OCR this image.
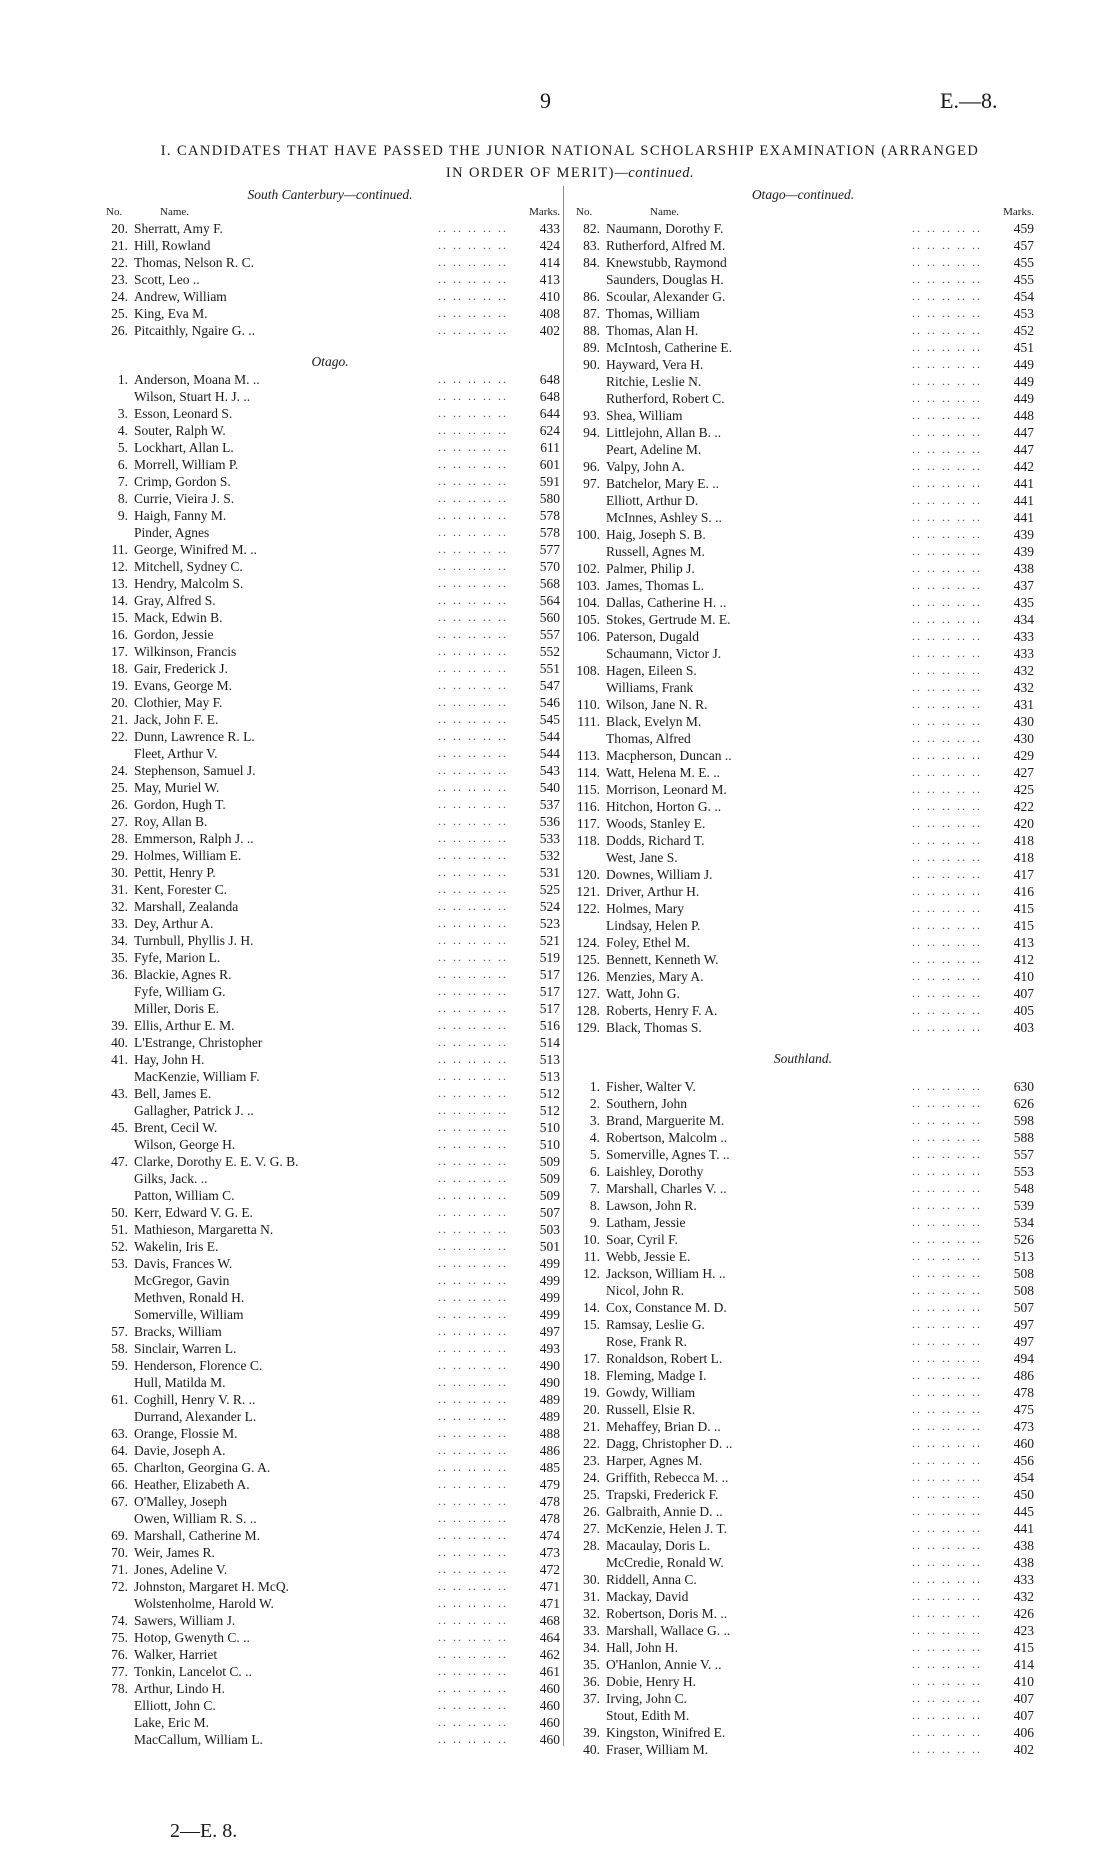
9	E.—8.
I. CANDIDATES THAT HAVE PASSED THE JUNIOR NATIONAL SCHOLARSHIP EXAMINATION (ARRANGED
IN ORDER OF MERIT)—continued.
South Canterbury—continued.
No.	Name.	Marks.
20. Sherratt, Amy F.	.. .. .. .. ..	433
21. Hill, Rowland	.. .. .. .. ..	424
22. Thomas, Nelson R. C.	.. .. .. .. ..	414
23. Scott, Leo ..	.. .. .. .. ..	413
24. Andrew, William	.. .. .. .. ..	410
25. King, Eva M.	.. .. .. .. ..	408
26. Pitcaithly, Ngaire G. ..	.. .. .. .. ..	402
Otago.
1. Anderson, Moana M. ..	.. .. .. .. ..	648
Wilson, Stuart H. J. ..	.. .. .. .. ..	648
3. Esson, Leonard S.	.. .. .. .. ..	644
4. Souter, Ralph W.	.. .. .. .. ..	624
5. Lockhart, Allan L.	.. .. .. .. ..	611
6. Morrell, William P.	.. .. .. .. ..	601
7. Crimp, Gordon S.	.. .. .. .. ..	591
8. Currie, Vieira J. S.	.. .. .. .. ..	580
9. Haigh, Fanny M.	.. .. .. .. ..	578
Pinder, Agnes	.. .. .. .. ..	578
11. George, Winifred M. ..	.. .. .. .. ..	577
12. Mitchell, Sydney C.	.. .. .. .. ..	570
13. Hendry, Malcolm S.	.. .. .. .. ..	568
14. Gray, Alfred S.	.. .. .. .. ..	564
15. Mack, Edwin B.	.. .. .. .. ..	560
16. Gordon, Jessie	.. .. .. .. ..	557
17. Wilkinson, Francis	.. .. .. .. ..	552
18. Gair, Frederick J.	.. .. .. .. ..	551
19. Evans, George M.	.. .. .. .. ..	547
20. Clothier, May F.	.. .. .. .. ..	546
21. Jack, John F. E.	.. .. .. .. ..	545
22. Dunn, Lawrence R. L.	.. .. .. .. ..	544
Fleet, Arthur V.	.. .. .. .. ..	544
24. Stephenson, Samuel J.	.. .. .. .. ..	543
25. May, Muriel W.	.. .. .. .. ..	540
26. Gordon, Hugh T.	.. .. .. .. ..	537
27. Roy, Allan B.	.. .. .. .. ..	536
28. Emmerson, Ralph J. ..	.. .. .. .. ..	533
29. Holmes, William E.	.. .. .. .. ..	532
30. Pettit, Henry P.	.. .. .. .. ..	531
31. Kent, Forester C.	.. .. .. .. ..	525
32. Marshall, Zealanda	.. .. .. .. ..	524
33. Dey, Arthur A.	.. .. .. .. ..	523
34. Turnbull, Phyllis J. H.	.. .. .. .. ..	521
35. Fyfe, Marion L.	.. .. .. .. ..	519
36. Blackie, Agnes R.	.. .. .. .. ..	517
Fyfe, William G.	.. .. .. .. ..	517
Miller, Doris E.	.. .. .. .. ..	517
39. Ellis, Arthur E. M.	.. .. .. .. ..	516
40. L'Estrange, Christopher	.. .. .. .. ..	514
41. Hay, John H.	.. .. .. .. ..	513
MacKenzie, William F.	.. .. .. .. ..	513
43. Bell, James E.	.. .. .. .. ..	512
Gallagher, Patrick J. ..	.. .. .. .. ..	512
45. Brent, Cecil W.	.. .. .. .. ..	510
Wilson, George H.	.. .. .. .. ..	510
47. Clarke, Dorothy E. E. V. G. B.	.. .. .. .. ..	509
Gilks, Jack. ..	.. .. .. .. ..	509
Patton, William C.	.. .. .. .. ..	509
50. Kerr, Edward V. G. E.	.. .. .. .. ..	507
51. Mathieson, Margaretta N.	.. .. .. .. ..	503
52. Wakelin, Iris E.	.. .. .. .. ..	501
53. Davis, Frances W.	.. .. .. .. ..	499
McGregor, Gavin	.. .. .. .. ..	499
Methven, Ronald H.	.. .. .. .. ..	499
Somerville, William	.. .. .. .. ..	499
57. Bracks, William	.. .. .. .. ..	497
58. Sinclair, Warren L.	.. .. .. .. ..	493
59. Henderson, Florence C.	.. .. .. .. ..	490
Hull, Matilda M.	.. .. .. .. ..	490
61. Coghill, Henry V. R. ..	.. .. .. .. ..	489
Durrand, Alexander L.	.. .. .. .. ..	489
63. Orange, Flossie M.	.. .. .. .. ..	488
64. Davie, Joseph A.	.. .. .. .. ..	486
65. Charlton, Georgina G. A.	.. .. .. .. ..	485
66. Heather, Elizabeth A.	.. .. .. .. ..	479
67. O'Malley, Joseph	.. .. .. .. ..	478
Owen, William R. S. ..	.. .. .. .. ..	478
69. Marshall, Catherine M.	.. .. .. .. ..	474
70. Weir, James R.	.. .. .. .. ..	473
71. Jones, Adeline V.	.. .. .. .. ..	472
72. Johnston, Margaret H. McQ.	.. .. .. .. ..	471
Wolstenholme, Harold W.	.. .. .. .. ..	471
74. Sawers, William J.	.. .. .. .. ..	468
75. Hotop, Gwenyth C. ..	.. .. .. .. ..	464
76. Walker, Harriet	.. .. .. .. ..	462
77. Tonkin, Lancelot C. ..	.. .. .. .. ..	461
78. Arthur, Lindo H.	.. .. .. .. ..	460
Elliott, John C.	.. .. .. .. ..	460
Lake, Eric M.	.. .. .. .. ..	460
MacCallum, William L.	.. .. .. .. ..	460
Otago—continued.
No.	Name.	Marks.
82. Naumann, Dorothy F.	.. .. .. .. ..	459
83. Rutherford, Alfred M.	.. .. .. .. ..	457
84. Knewstubb, Raymond	.. .. .. .. ..	455
Saunders, Douglas H.	.. .. .. .. ..	455
86. Scoular, Alexander G.	.. .. .. .. ..	454
87. Thomas, William	.. .. .. .. ..	453
88. Thomas, Alan H.	.. .. .. .. ..	452
89. McIntosh, Catherine E.	.. .. .. .. ..	451
90. Hayward, Vera H.	.. .. .. .. ..	449
Ritchie, Leslie N.	.. .. .. .. ..	449
Rutherford, Robert C.	.. .. .. .. ..	449
93. Shea, William	.. .. .. .. ..	448
94. Littlejohn, Allan B. ..	.. .. .. .. ..	447
Peart, Adeline M.	.. .. .. .. ..	447
96. Valpy, John A.	.. .. .. .. ..	442
97. Batchelor, Mary E. ..	.. .. .. .. ..	441
Elliott, Arthur D.	.. .. .. .. ..	441
McInnes, Ashley S. ..	.. .. .. .. ..	441
100. Haig, Joseph S. B.	.. .. .. .. ..	439
Russell, Agnes M.	.. .. .. .. ..	439
102. Palmer, Philip J.	.. .. .. .. ..	438
103. James, Thomas L.	.. .. .. .. ..	437
104. Dallas, Catherine H. ..	.. .. .. .. ..	435
105. Stokes, Gertrude M. E.	.. .. .. .. ..	434
106. Paterson, Dugald	.. .. .. .. ..	433
Schaumann, Victor J.	.. .. .. .. ..	433
108. Hagen, Eileen S.	.. .. .. .. ..	432
Williams, Frank	.. .. .. .. ..	432
110. Wilson, Jane N. R.	.. .. .. .. ..	431
111. Black, Evelyn M.	.. .. .. .. ..	430
Thomas, Alfred	.. .. .. .. ..	430
113. Macpherson, Duncan ..	.. .. .. .. ..	429
114. Watt, Helena M. E. ..	.. .. .. .. ..	427
115. Morrison, Leonard M.	.. .. .. .. ..	425
116. Hitchon, Horton G. ..	.. .. .. .. ..	422
117. Woods, Stanley E.	.. .. .. .. ..	420
118. Dodds, Richard T.	.. .. .. .. ..	418
West, Jane S.	.. .. .. .. ..	418
120. Downes, William J.	.. .. .. .. ..	417
121. Driver, Arthur H.	.. .. .. .. ..	416
122. Holmes, Mary	.. .. .. .. ..	415
Lindsay, Helen P.	.. .. .. .. ..	415
124. Foley, Ethel M.	.. .. .. .. ..	413
125. Bennett, Kenneth W.	.. .. .. .. ..	412
126. Menzies, Mary A.	.. .. .. .. ..	410
127. Watt, John G.	.. .. .. .. ..	407
128. Roberts, Henry F. A.	.. .. .. .. ..	405
129. Black, Thomas S.	.. .. .. .. ..	403
Southland.
1. Fisher, Walter V.	.. .. .. .. ..	630
2. Southern, John	.. .. .. .. ..	626
3. Brand, Marguerite M.	.. .. .. .. ..	598
4. Robertson, Malcolm ..	.. .. .. .. ..	588
5. Somerville, Agnes T. ..	.. .. .. .. ..	557
6. Laishley, Dorothy	.. .. .. .. ..	553
7. Marshall, Charles V. ..	.. .. .. .. ..	548
8. Lawson, John R.	.. .. .. .. ..	539
9. Latham, Jessie	.. .. .. .. ..	534
10. Soar, Cyril F.	.. .. .. .. ..	526
11. Webb, Jessie E.	.. .. .. .. ..	513
12. Jackson, William H. ..	.. .. .. .. ..	508
Nicol, John R.	.. .. .. .. ..	508
14. Cox, Constance M. D.	.. .. .. .. ..	507
15. Ramsay, Leslie G.	.. .. .. .. ..	497
Rose, Frank R.	.. .. .. .. ..	497
17. Ronaldson, Robert L.	.. .. .. .. ..	494
18. Fleming, Madge I.	.. .. .. .. ..	486
19. Gowdy, William	.. .. .. .. ..	478
20. Russell, Elsie R.	.. .. .. .. ..	475
21. Mehaffey, Brian D. ..	.. .. .. .. ..	473
22. Dagg, Christopher D. ..	.. .. .. .. ..	460
23. Harper, Agnes M.	.. .. .. .. ..	456
24. Griffith, Rebecca M. ..	.. .. .. .. ..	454
25. Trapski, Frederick F.	.. .. .. .. ..	450
26. Galbraith, Annie D. ..	.. .. .. .. ..	445
27. McKenzie, Helen J. T.	.. .. .. .. ..	441
28. Macaulay, Doris L.	.. .. .. .. ..	438
McCredie, Ronald W.	.. .. .. .. ..	438
30. Riddell, Anna C.	.. .. .. .. ..	433
31. Mackay, David	.. .. .. .. ..	432
32. Robertson, Doris M. ..	.. .. .. .. ..	426
33. Marshall, Wallace G. ..	.. .. .. .. ..	423
34. Hall, John H.	.. .. .. .. ..	415
35. O'Hanlon, Annie V. ..	.. .. .. .. ..	414
36. Dobie, Henry H.	.. .. .. .. ..	410
37. Irving, John C.	.. .. .. .. ..	407
Stout, Edith M.	.. .. .. .. ..	407
39. Kingston, Winifred E.	.. .. .. .. ..	406
40. Fraser, William M.	.. .. .. .. ..	402
2—E. 8.
